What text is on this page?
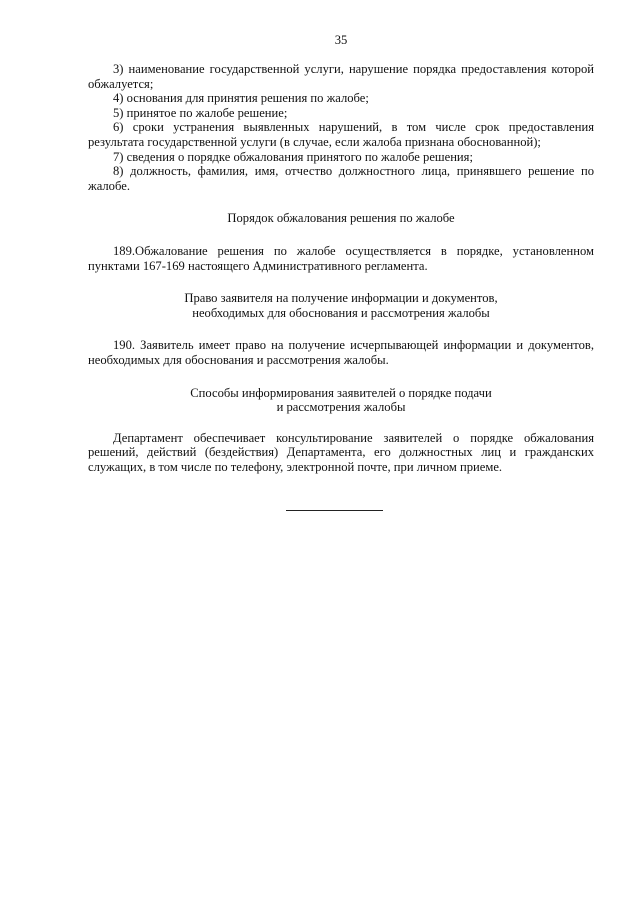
35

3) наименование государственной услуги, нарушение порядка предоставления которой обжалуется;

4) основания для принятия решения по жалобе;

5) принятое по жалобе решение;

6) сроки устранения выявленных нарушений, в том числе срок предоставления результата государственной услуги (в случае, если жалоба признана обоснованной);

7) сведения о порядке обжалования принятого по жалобе решения;

8) должность, фамилия, имя, отчество должностного лица, принявшего решение по жалобе.

Порядок обжалования решения по жалобе

189.Обжалование решения по жалобе осуществляется в порядке, установленном пунктами 167-169 настоящего Административного регламента.

Право заявителя на получение информации и документов,

необходимых для обоснования и рассмотрения жалобы

190. Заявитель имеет право на получение исчерпывающей информации и документов, необходимых для обоснования и рассмотрения жалобы.

Способы информирования заявителей о порядке подачи

и рассмотрения жалобы

Департамент обеспечивает консультирование заявителей о порядке обжалования решений, действий (бездействия) Департамента, его должностных лиц и гражданских служащих, в том числе по телефону, электронной почте, при личном приеме.
